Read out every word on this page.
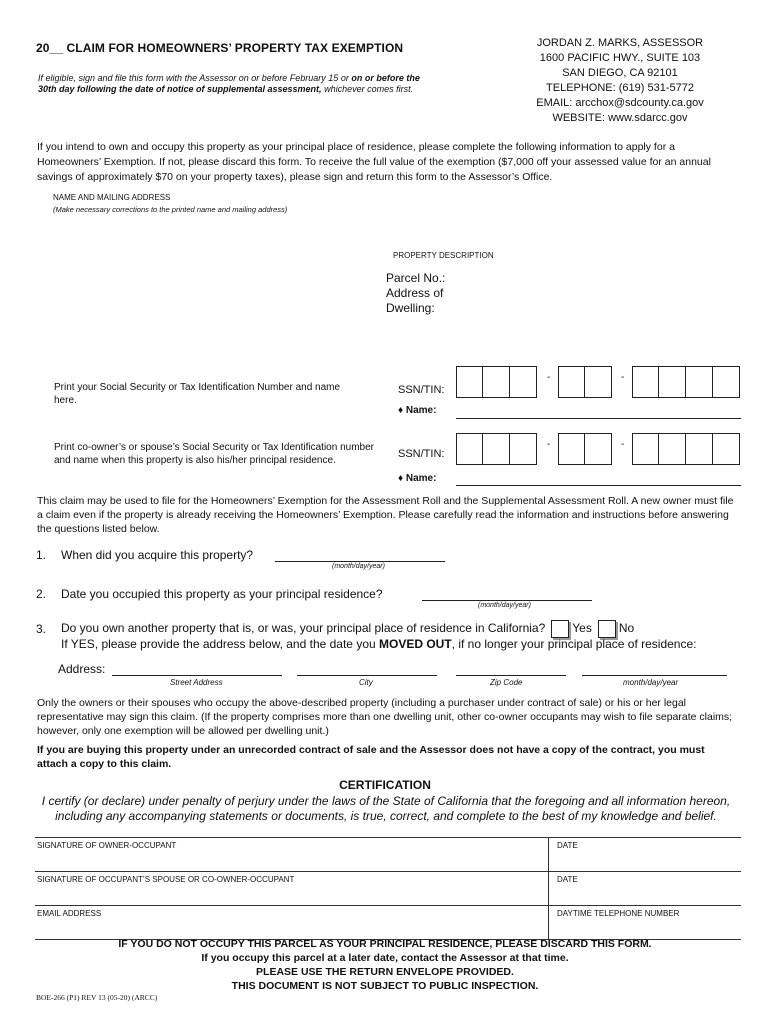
20__ CLAIM FOR HOMEOWNERS’ PROPERTY TAX EXEMPTION
If eligible, sign and file this form with the Assessor on or before February 15 or on or before the 30th day following the date of notice of supplemental assessment, whichever comes first.
JORDAN Z. MARKS, ASSESSOR
1600 PACIFIC HWY., SUITE 103
SAN DIEGO, CA 92101
TELEPHONE: (619) 531-5772
EMAIL: arcchox@sdcounty.ca.gov
WEBSITE: www.sdarcc.gov
If you intend to own and occupy this property as your principal place of residence, please complete the following information to apply for a Homeowners’ Exemption. If not, please discard this form. To receive the full value of the exemption ($7,000 off your assessed value for an annual savings of approximately $70 on your property taxes), please sign and return this form to the Assessor’s Office.
NAME AND MAILING ADDRESS
(Make necessary corrections to the printed name and mailing address)
PROPERTY DESCRIPTION
Parcel No.:
Address of
Dwelling:
Print your Social Security or Tax Identification Number and name here.
SSN/TIN:
-	-
♦ Name:
Print co-owner’s or spouse’s Social Security or Tax Identification number and name when this property is also his/her principal residence.
SSN/TIN:
-	-
♦ Name:
This claim may be used to file for the Homeowners’ Exemption for the Assessment Roll and the Supplemental Assessment Roll. A new owner must file a claim even if the property is already receiving the Homeowners’ Exemption. Please carefully read the information and instructions before answering the questions listed below.
1. When did you acquire this property?
(month/day/year)
2. Date you occupied this property as your principal residence?
(month/day/year)
3. Do you own another property that is, or was, your principal place of residence in California? Yes No
If YES, please provide the address below, and the date you MOVED OUT, if no longer your principal place of residence:
Address:
Street Address	City	Zip Code	month/day/year
Only the owners or their spouses who occupy the above-described property (including a purchaser under contract of sale) or his or her legal representative may sign this claim. (If the property comprises more than one dwelling unit, other co-owner occupants may wish to file separate claims; however, only one exemption will be allowed per dwelling unit.)
If you are buying this property under an unrecorded contract of sale and the Assessor does not have a copy of the contract, you must attach a copy to this claim.
CERTIFICATION
I certify (or declare) under penalty of perjury under the laws of the State of California that the foregoing and all information hereon, including any accompanying statements or documents, is true, correct, and complete to the best of my knowledge and belief.
SIGNATURE OF OWNER-OCCUPANT	DATE
SIGNATURE OF OCCUPANT’S SPOUSE OR CO-OWNER-OCCUPANT	DATE
EMAIL ADDRESS	DAYTIME TELEPHONE NUMBER
IF YOU DO NOT OCCUPY THIS PARCEL AS YOUR PRINCIPAL RESIDENCE, PLEASE DISCARD THIS FORM.
If you occupy this parcel at a later date, contact the Assessor at that time.
PLEASE USE THE RETURN ENVELOPE PROVIDED.
THIS DOCUMENT IS NOT SUBJECT TO PUBLIC INSPECTION.
BOE-266 (P1) REV 13 (05-20) (ARCC)
